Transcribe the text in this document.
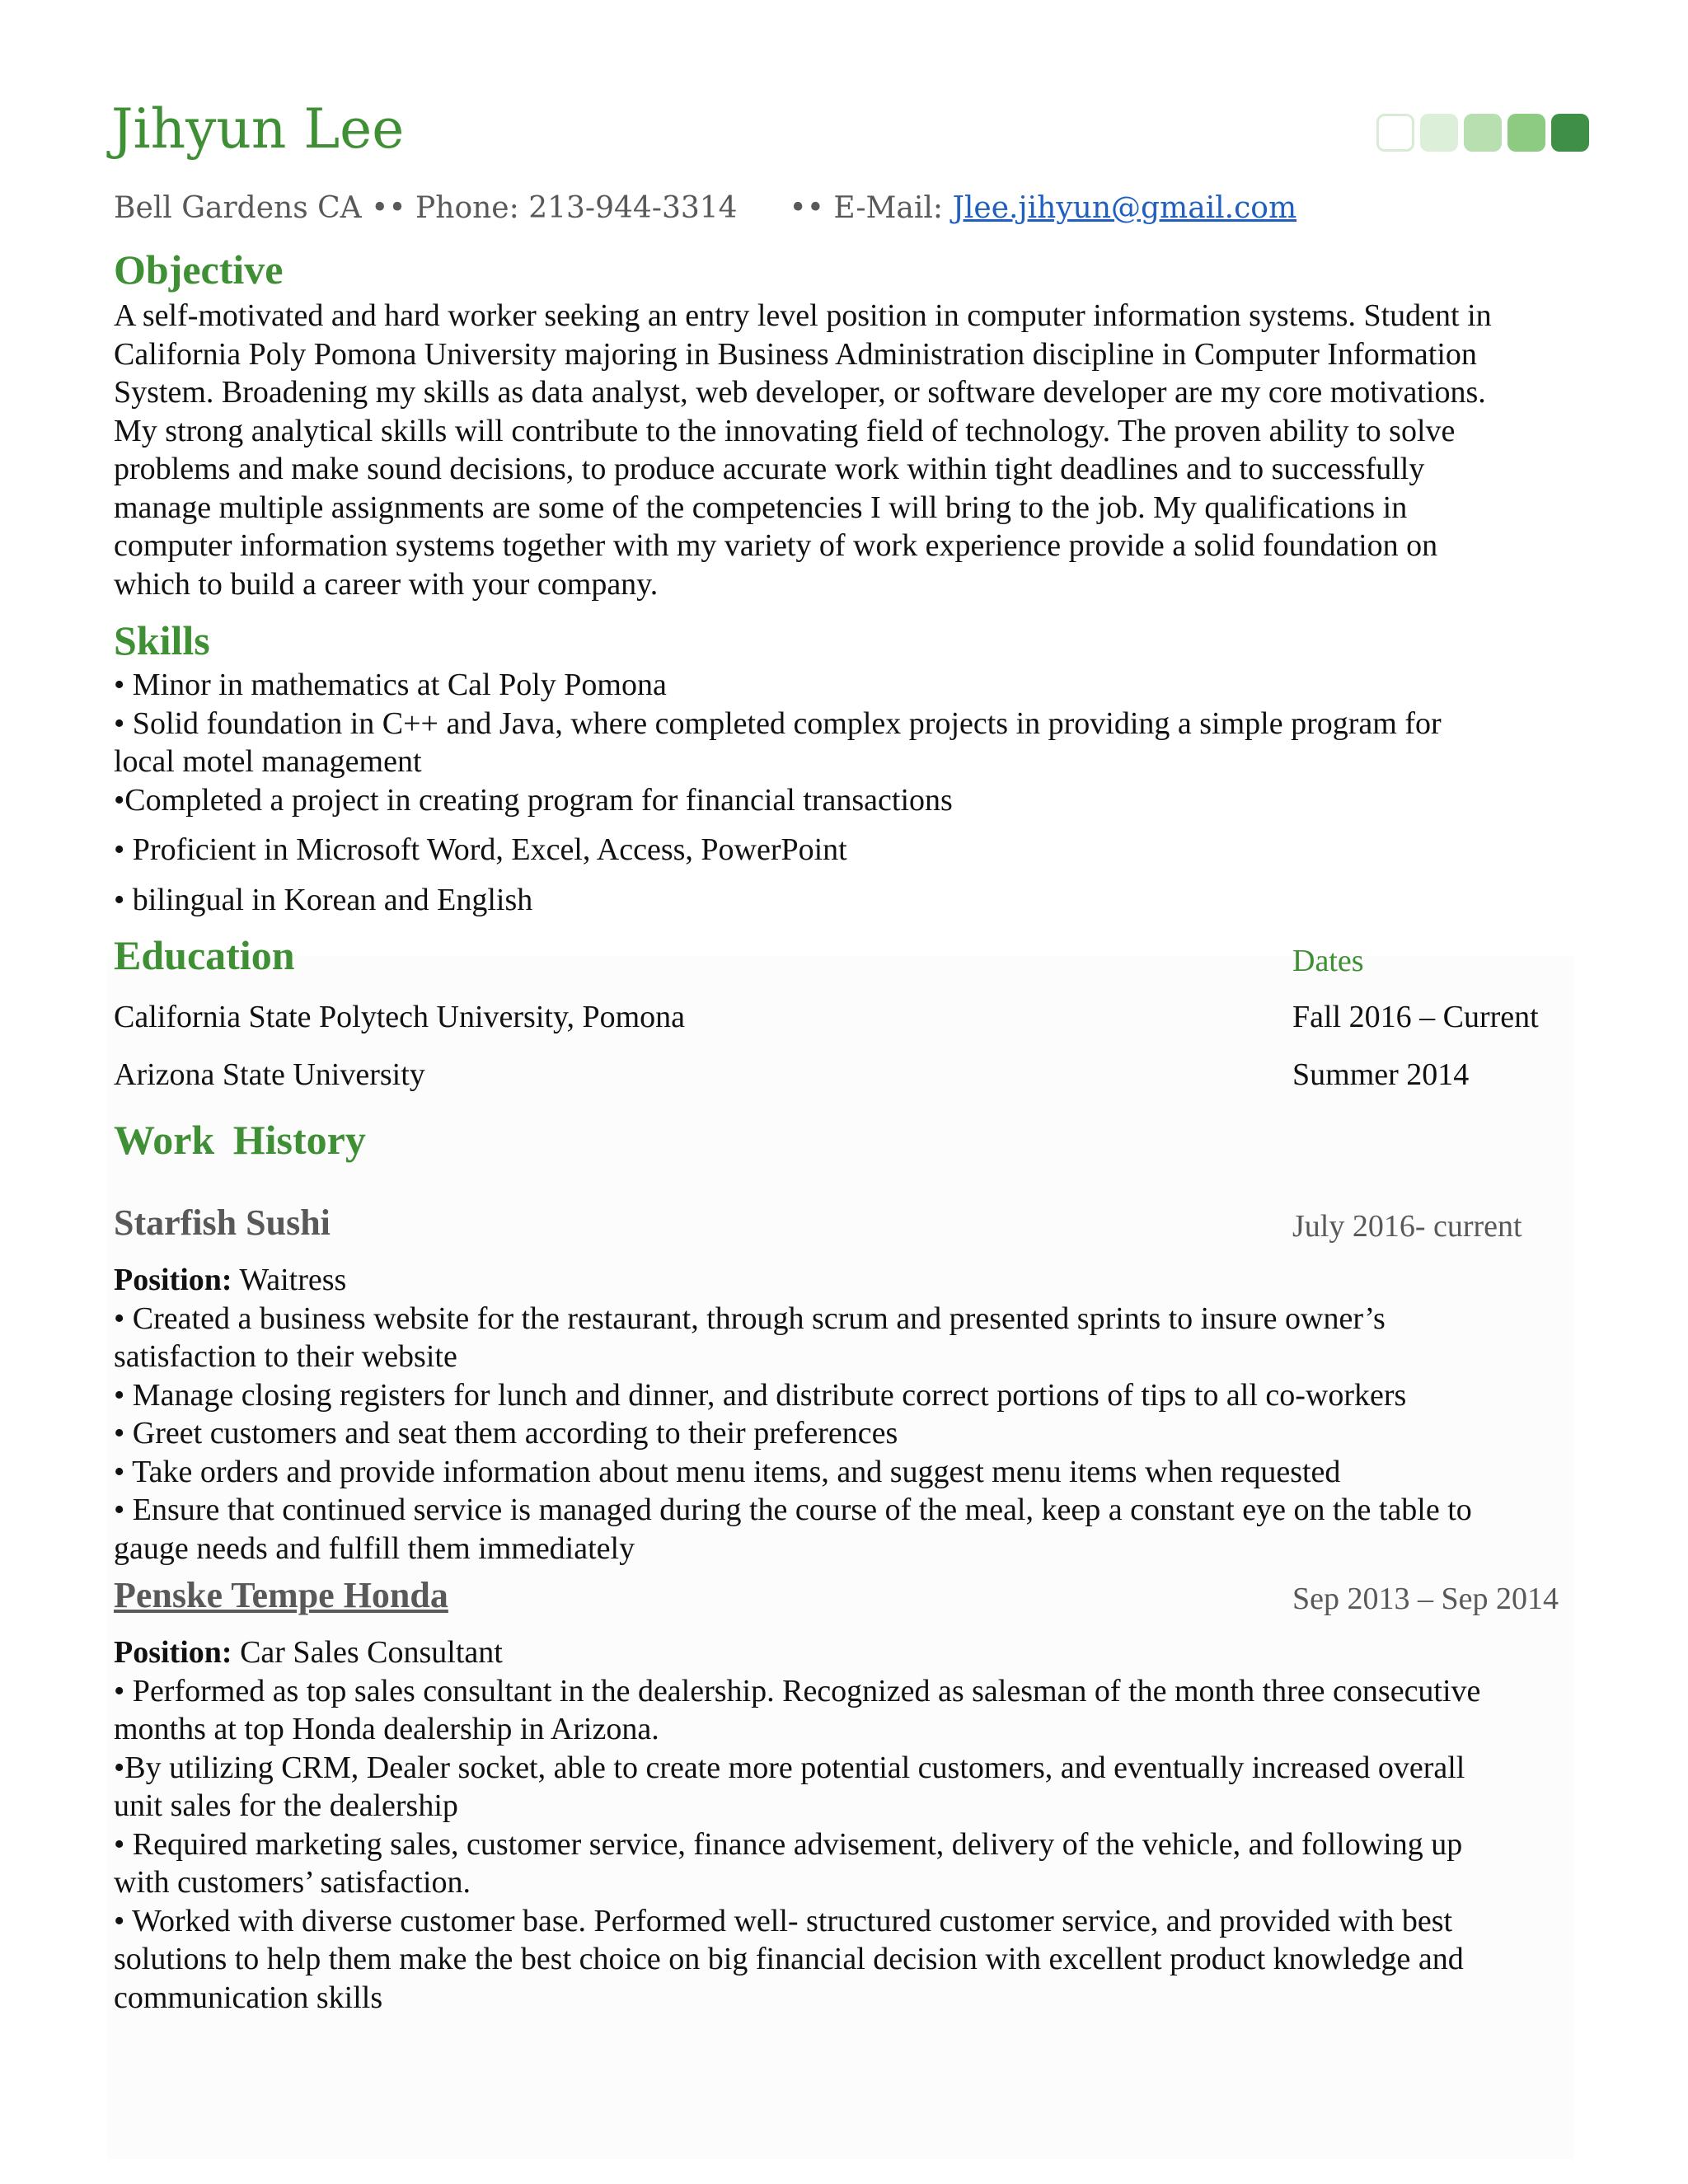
Jihyun Lee
Bell Gardens CA •• Phone: 213-944-3314 •• E-Mail: Jlee.jihyun@gmail.com
Objective
A self-motivated and hard worker seeking an entry level position in computer information systems. Student in
California Poly Pomona University majoring in Business Administration discipline in Computer Information
System. Broadening my skills as data analyst, web developer, or software developer are my core motivations.
My strong analytical skills will contribute to the innovating field of technology. The proven ability to solve
problems and make sound decisions, to produce accurate work within tight deadlines and to successfully
manage multiple assignments are some of the competencies I will bring to the job. My qualifications in
computer information systems together with my variety of work experience provide a solid foundation on
which to build a career with your company.
Skills
• Minor in mathematics at Cal Poly Pomona
• Solid foundation in C++ and Java, where completed complex projects in providing a simple program for
local motel management
•Completed a project in creating program for financial transactions
• Proficient in Microsoft Word, Excel, Access, PowerPoint
• bilingual in Korean and English
Education	Dates
California State Polytech University, Pomona	Fall 2016 – Current
Arizona State University	Summer 2014
Work History
Starfish Sushi	July 2016- current
Position: Waitress
• Created a business website for the restaurant, through scrum and presented sprints to insure owner’s
satisfaction to their website
• Manage closing registers for lunch and dinner, and distribute correct portions of tips to all co-workers
• Greet customers and seat them according to their preferences
• Take orders and provide information about menu items, and suggest menu items when requested
• Ensure that continued service is managed during the course of the meal, keep a constant eye on the table to
gauge needs and fulfill them immediately
Penske Tempe Honda	Sep 2013 – Sep 2014
Position: Car Sales Consultant
• Performed as top sales consultant in the dealership. Recognized as salesman of the month three consecutive
months at top Honda dealership in Arizona.
•By utilizing CRM, Dealer socket, able to create more potential customers, and eventually increased overall
unit sales for the dealership
• Required marketing sales, customer service, finance advisement, delivery of the vehicle, and following up
with customers’ satisfaction.
• Worked with diverse customer base. Performed well- structured customer service, and provided with best
solutions to help them make the best choice on big financial decision with excellent product knowledge and
communication skills
